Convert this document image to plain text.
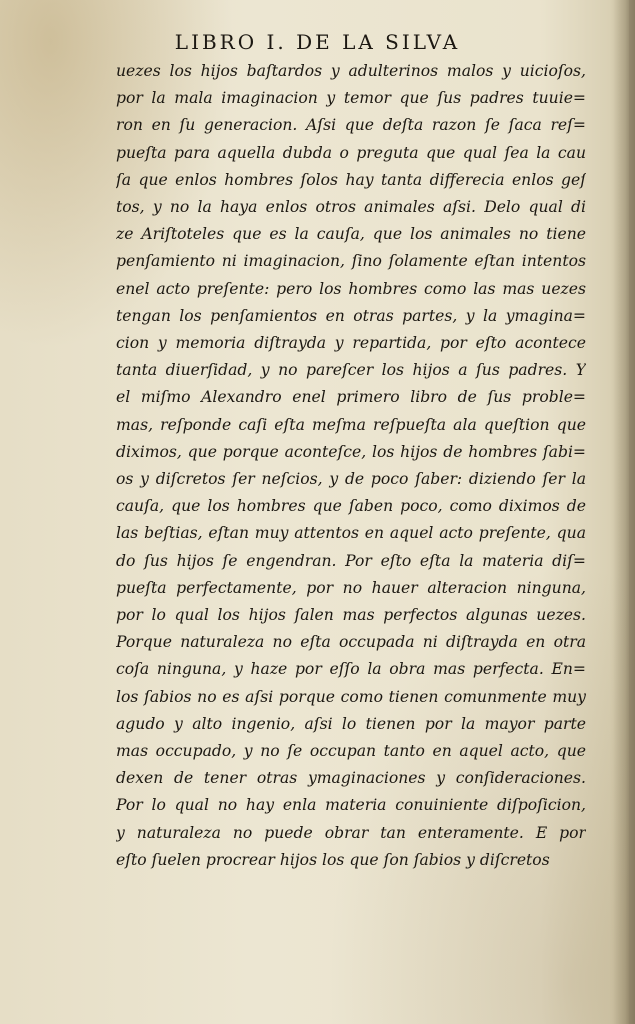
LIBRO I. DE LA SILVA
uezes los hijos baſtardos y adulterinos malos y uicioſos,
por la mala imaginacion y temor que ſus padres tuuie=
ron en ſu generacion. Aſsi que deſta razon ſe ſaca reſ=
pueſta para aquella dubda o preguta que qual ſea la cau
ſa que enlos hombres ſolos hay tanta differecia enlos geſ
tos, y no la haya enlos otros animales aſsi. Delo qual di
ze Ariſtoteles que es la cauſa, que los animales no tiene
penſamiento ni imaginacion, ſino ſolamente eſtan intentos
enel acto preſente: pero los hombres como las mas uezes
tengan los penſamientos en otras partes, y la ymagina=
cion y memoria diſtrayda y repartida, por eſto acontece
tanta diuerſidad, y no pareſcer los hijos a ſus padres. Y
el miſmo Alexandro enel primero libro de ſus proble=
mas, reſponde caſi eſta meſma reſpueſta ala queſtion que
diximos, que porque aconteſce, los hijos de hombres ſabi=
os y diſcretos ſer neſcios, y de poco ſaber: diziendo ſer la
cauſa, que los hombres que ſaben poco, como diximos de
las beſtias, eſtan muy attentos en aquel acto preſente, qua
do ſus hijos ſe engendran. Por eſto eſta la materia diſ=
pueſta perfectamente, por no hauer alteracion ninguna,
por lo qual los hijos ſalen mas perfectos algunas uezes.
Porque naturaleza no eſta occupada ni diſtrayda en otra
coſa ninguna, y haze por eſſo la obra mas perfecta. En=
los ſabios no es aſsi porque como tienen comunmente muy
agudo y alto ingenio, aſsi lo tienen por la mayor parte
mas occupado, y no ſe occupan tanto en aquel acto, que
dexen de tener otras ymaginaciones y conſideraciones.
Por lo qual no hay enla materia conuiniente diſpoſicion,
y naturaleza no puede obrar tan enteramente. E por
eſto ſuelen procrear hijos los que ſon ſabios y diſcretos
